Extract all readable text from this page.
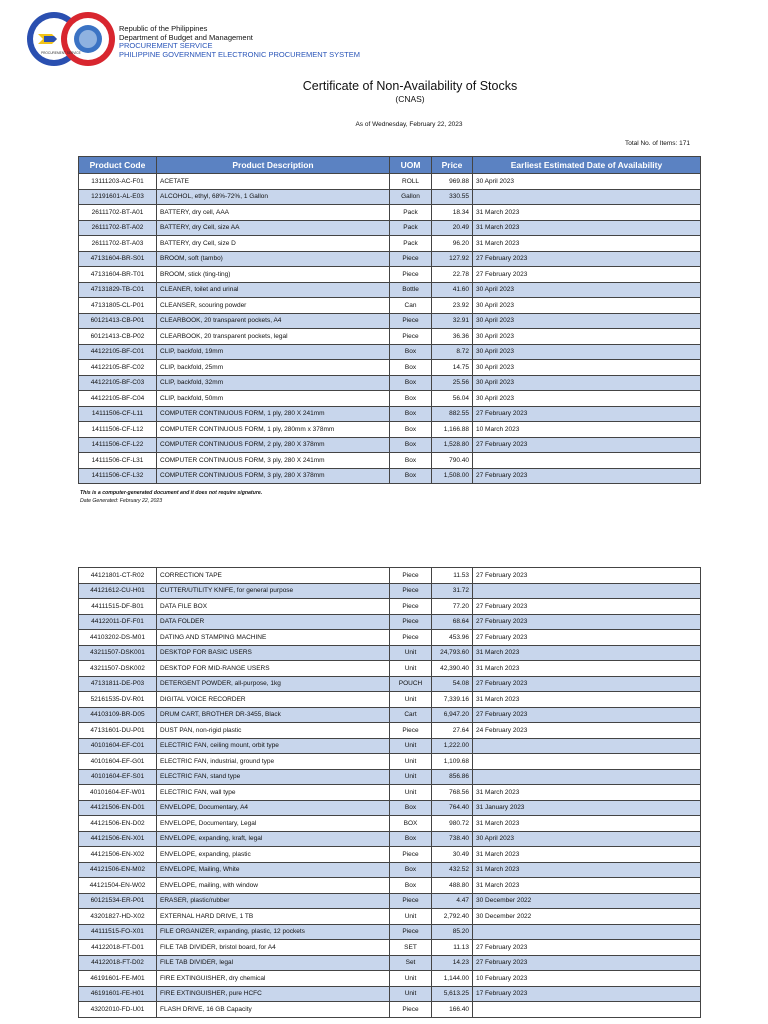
PROCUREMENT SERVICE
Republic of the Philippines
Department of Budget and Management
PROCUREMENT SERVICE
PHILIPPINE GOVERNMENT ELECTRONIC PROCUREMENT SYSTEM
Certificate of Non-Availability of Stocks
(CNAS)
As of Wednesday, February 22, 2023
Total No. of Items: 171
Product Code	Product Description	UOM	Price	Earliest Estimated Date of Availability
13111203-AC-F01	ACETATE	ROLL	969.88	30 April 2023
12191601-AL-E03	ALCOHOL, ethyl, 68%-72%, 1 Gallon	Gallon	330.55	
26111702-BT-A01	BATTERY, dry cell, AAA	Pack	18.34	31 March 2023
26111702-BT-A02	BATTERY, dry Cell, size AA	Pack	20.49	31 March 2023
26111702-BT-A03	BATTERY, dry Cell, size D	Pack	96.20	31 March 2023
47131604-BR-S01	BROOM, soft (tambo)	Piece	127.92	27 February 2023
47131604-BR-T01	BROOM, stick (ting-ting)	Piece	22.78	27 February 2023
47131829-TB-C01	CLEANER, toilet and urinal	Bottle	41.60	30 April 2023
47131805-CL-P01	CLEANSER, scouring powder	Can	23.92	30 April 2023
60121413-CB-P01	CLEARBOOK, 20 transparent pockets, A4	Piece	32.91	30 April 2023
60121413-CB-P02	CLEARBOOK, 20 transparent pockets, legal	Piece	36.36	30 April 2023
44122105-BF-C01	CLIP, backfold, 19mm	Box	8.72	30 April 2023
44122105-BF-C02	CLIP, backfold, 25mm	Box	14.75	30 April 2023
44122105-BF-C03	CLIP, backfold, 32mm	Box	25.56	30 April 2023
44122105-BF-C04	CLIP, backfold, 50mm	Box	56.04	30 April 2023
14111506-CF-L11	COMPUTER CONTINUOUS FORM, 1 ply, 280 X 241mm	Box	882.55	27 February 2023
14111506-CF-L12	COMPUTER CONTINUOUS FORM, 1 ply, 280mm x 378mm	Box	1,166.88	10 March 2023
14111506-CF-L22	COMPUTER CONTINUOUS FORM, 2 ply, 280 X 378mm	Box	1,528.80	27 February 2023
14111506-CF-L31	COMPUTER CONTINUOUS FORM, 3 ply, 280 X 241mm	Box	790.40	
14111506-CF-L32	COMPUTER CONTINUOUS FORM, 3 ply, 280 X 378mm	Box	1,508.00	27 February 2023
This is a computer-generated document and it does not require signature.
Date Generated: February 22, 2023
44121801-CT-R02	CORRECTION TAPE	Piece	11.53	27 February 2023
44121612-CU-H01	CUTTER/UTILITY KNIFE, for general purpose	Piece	31.72	
44111515-DF-B01	DATA FILE BOX	Piece	77.20	27 February 2023
44122011-DF-F01	DATA FOLDER	Piece	68.64	27 February 2023
44103202-DS-M01	DATING AND STAMPING MACHINE	Piece	453.96	27 February 2023
43211507-DSK001	DESKTOP FOR BASIC USERS	Unit	24,793.60	31 March 2023
43211507-DSK002	DESKTOP FOR MID-RANGE USERS	Unit	42,390.40	31 March 2023
47131811-DE-P03	DETERGENT POWDER, all-purpose, 1kg	POUCH	54.08	27 February 2023
52161535-DV-R01	DIGITAL VOICE RECORDER	Unit	7,339.16	31 March 2023
44103109-BR-D05	DRUM CART, BROTHER DR-3455, Black	Cart	6,947.20	27 February 2023
47131601-DU-P01	DUST PAN, non-rigid plastic	Piece	27.64	24 February 2023
40101604-EF-C01	ELECTRIC FAN, ceiling mount, orbit type	Unit	1,222.00	
40101604-EF-G01	ELECTRIC FAN, industrial, ground type	Unit	1,109.68	
40101604-EF-S01	ELECTRIC FAN, stand type	Unit	856.86	
40101604-EF-W01	ELECTRIC FAN, wall type	Unit	768.56	31 March 2023
44121506-EN-D01	ENVELOPE, Documentary, A4	Box	764.40	31 January 2023
44121506-EN-D02	ENVELOPE, Documentary, Legal	BOX	980.72	31 March 2023
44121506-EN-X01	ENVELOPE, expanding, kraft, legal	Box	738.40	30 April 2023
44121506-EN-X02	ENVELOPE, expanding, plastic	Piece	30.49	31 March 2023
44121506-EN-M02	ENVELOPE, Mailing, White	Box	432.52	31 March 2023
44121504-EN-W02	ENVELOPE, mailing, with window	Box	488.80	31 March 2023
60121534-ER-P01	ERASER, plastic/rubber	Piece	4.47	30 December 2022
43201827-HD-X02	EXTERNAL HARD DRIVE, 1 TB	Unit	2,792.40	30 December 2022
44111515-FO-X01	FILE ORGANIZER, expanding, plastic, 12 pockets	Piece	85.20	
44122018-FT-D01	FILE TAB DIVIDER, bristol board, for A4	SET	11.13	27 February 2023
44122018-FT-D02	FILE TAB DIVIDER, legal	Set	14.23	27 February 2023
46191601-FE-M01	FIRE EXTINGUISHER, dry chemical	Unit	1,144.00	10 February 2023
46191601-FE-H01	FIRE EXTINGUISHER, pure HCFC	Unit	5,613.25	17 February 2023
43202010-FD-U01	FLASH DRIVE, 16 GB Capacity	Piece	166.40	
